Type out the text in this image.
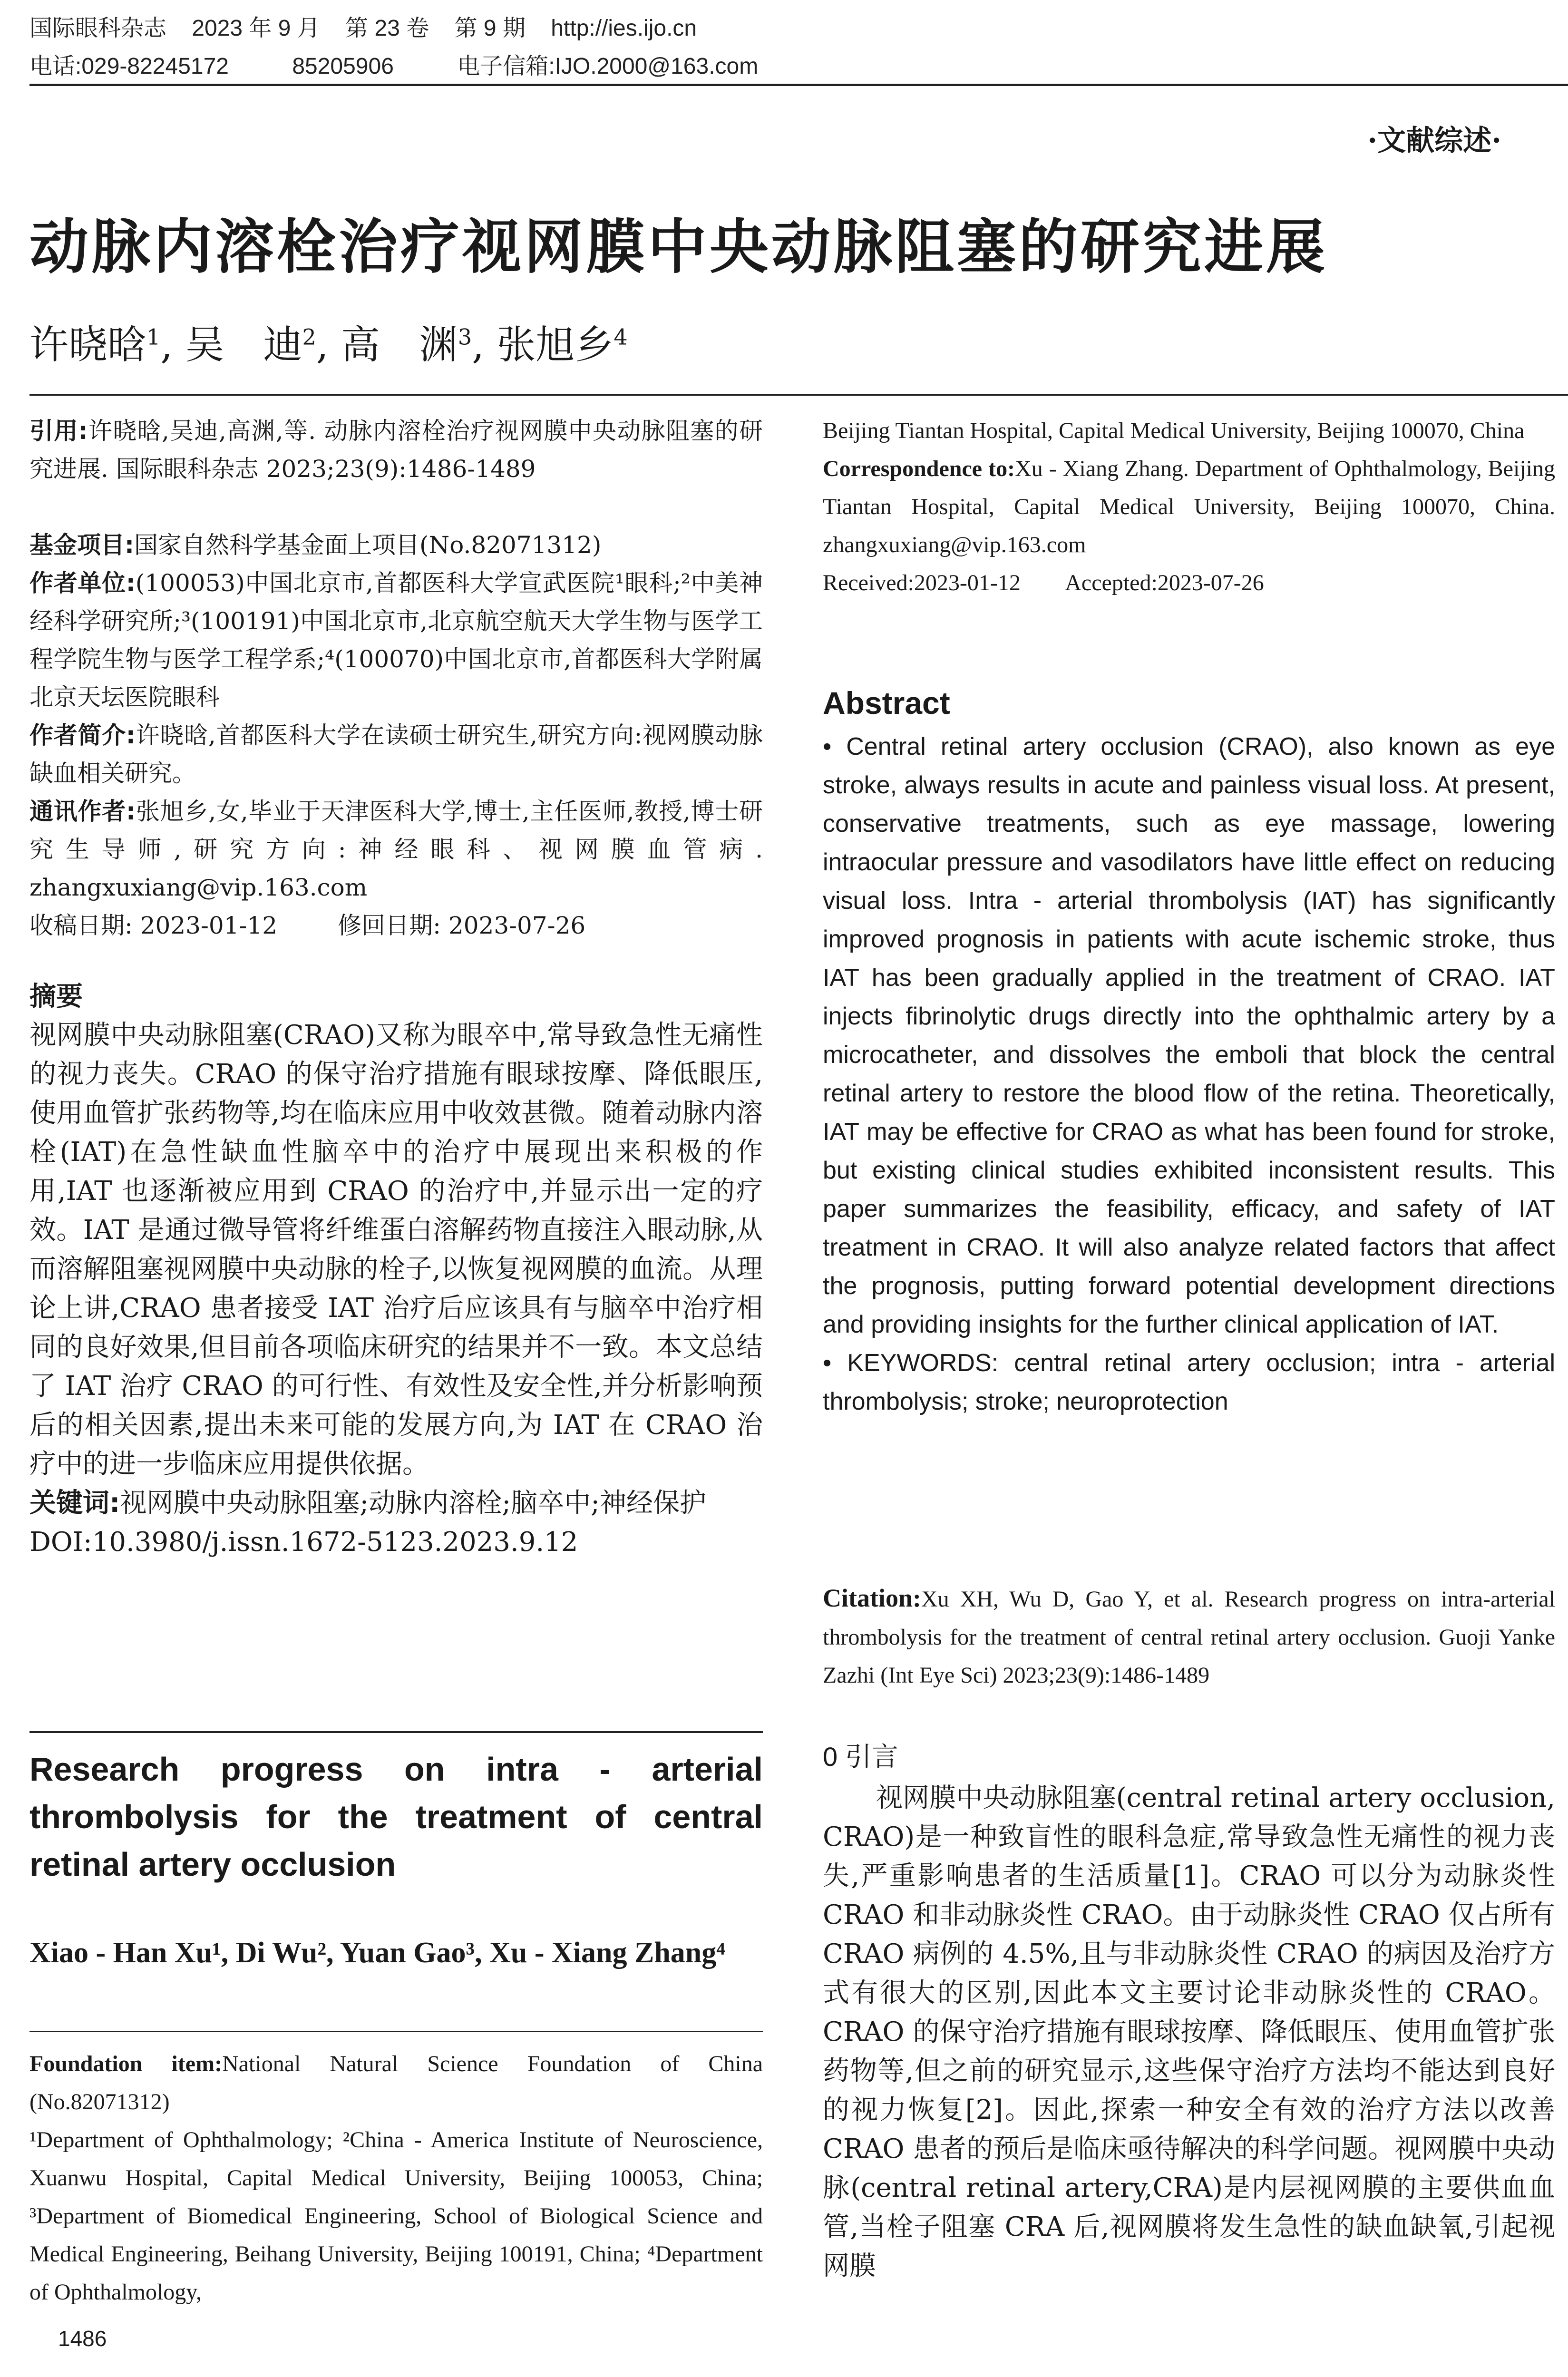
国际眼科杂志    2023 年 9 月    第 23 卷    第 9 期    http://ies.ijo.cn
电话:029-82245172          85205906          电子信箱:IJO.2000@163.com
·文献综述·
动脉内溶栓治疗视网膜中央动脉阻塞的研究进展
许晓晗$^1$, 吴　迪$^2$, 高　渊$^3$, 张旭乡$^4$

引用:许晓晗,吴迪,高渊,等. 动脉内溶栓治疗视网膜中央动脉阻塞的研究进展. 国际眼科杂志 2023;23(9):1486-1489

基金项目:国家自然科学基金面上项目(No.82071312)

作者单位:(100053)中国北京市,首都医科大学宣武医院¹眼科;²中美神经科学研究所;³(100191)中国北京市,北京航空航天大学生物与医学工程学院生物与医学工程学系;⁴(100070)中国北京市,首都医科大学附属北京天坛医院眼科

作者简介:许晓晗,首都医科大学在读硕士研究生,研究方向:视网膜动脉缺血相关研究。

通讯作者:张旭乡,女,毕业于天津医科大学,博士,主任医师,教授,博士研究生导师,研究方向:神经眼科、视网膜血管病. zhangxuxiang@vip.163.com

收稿日期: 2023-01-12        修回日期: 2023-07-26

摘要

视网膜中央动脉阻塞(CRAO)又称为眼卒中,常导致急性无痛性的视力丧失。CRAO 的保守治疗措施有眼球按摩、降低眼压,使用血管扩张药物等,均在临床应用中收效甚微。随着动脉内溶栓(IAT)在急性缺血性脑卒中的治疗中展现出来积极的作用,IAT 也逐渐被应用到 CRAO 的治疗中,并显示出一定的疗效。IAT 是通过微导管将纤维蛋白溶解药物直接注入眼动脉,从而溶解阻塞视网膜中央动脉的栓子,以恢复视网膜的血流。从理论上讲,CRAO 患者接受 IAT 治疗后应该具有与脑卒中治疗相同的良好效果,但目前各项临床研究的结果并不一致。本文总结了 IAT 治疗 CRAO 的可行性、有效性及安全性,并分析影响预后的相关因素,提出未来可能的发展方向,为 IAT 在 CRAO 治疗中的进一步临床应用提供依据。

关键词:视网膜中央动脉阻塞;动脉内溶栓;脑卒中;神经保护

DOI:10.3980/j.issn.1672-5123.2023.9.12

Research progress on intra - arterial thrombolysis for the treatment of central retinal artery occlusion
Xiao - Han Xu¹, Di Wu², Yuan Gao³, Xu - Xiang Zhang⁴

Foundation item:National Natural Science Foundation of China (No.82071312)

¹Department of Ophthalmology; ²China - America Institute of Neuroscience, Xuanwu Hospital, Capital Medical University, Beijing 100053, China; ³Department of Biomedical Engineering, School of Biological Science and Medical Engineering, Beihang University, Beijing 100191, China; ⁴Department of Ophthalmology,

Beijing Tiantan Hospital, Capital Medical University, Beijing 100070, China

Correspondence to:Xu - Xiang Zhang. Department of Ophthalmology, Beijing Tiantan Hospital, Capital Medical University, Beijing 100070, China. zhangxuxiang@vip.163.com

Received:2023-01-12        Accepted:2023-07-26

Abstract

• Central retinal artery occlusion (CRAO), also known as eye stroke, always results in acute and painless visual loss. At present, conservative treatments, such as eye massage, lowering intraocular pressure and vasodilators have little effect on reducing visual loss. Intra - arterial thrombolysis (IAT) has significantly improved prognosis in patients with acute ischemic stroke, thus IAT has been gradually applied in the treatment of CRAO. IAT injects fibrinolytic drugs directly into the ophthalmic artery by a microcatheter, and dissolves the emboli that block the central retinal artery to restore the blood flow of the retina. Theoretically, IAT may be effective for CRAO as what has been found for stroke, but existing clinical studies exhibited inconsistent results. This paper summarizes the feasibility, efficacy, and safety of IAT treatment in CRAO. It will also analyze related factors that affect the prognosis, putting forward potential development directions and providing insights for the further clinical application of IAT.

• KEYWORDS: central retinal artery occlusion; intra - arterial thrombolysis; stroke; neuroprotection

Citation:Xu XH, Wu D, Gao Y, et al. Research progress on intra-arterial thrombolysis for the treatment of central retinal artery occlusion. Guoji Yanke Zazhi (Int Eye Sci) 2023;23(9):1486-1489

0 引言
视网膜中央动脉阻塞(central retinal artery occlusion, CRAO)是一种致盲性的眼科急症,常导致急性无痛性的视力丧失,严重影响患者的生活质量[1]。CRAO 可以分为动脉炎性 CRAO 和非动脉炎性 CRAO。由于动脉炎性 CRAO 仅占所有 CRAO 病例的 4.5%,且与非动脉炎性 CRAO 的病因及治疗方式有很大的区别,因此本文主要讨论非动脉炎性的 CRAO。CRAO 的保守治疗措施有眼球按摩、降低眼压、使用血管扩张药物等,但之前的研究显示,这些保守治疗方法均不能达到良好的视力恢复[2]。因此,探索一种安全有效的治疗方法以改善 CRAO 患者的预后是临床亟待解决的科学问题。视网膜中央动脉(central retinal artery,CRA)是内层视网膜的主要供血血管,当栓子阻塞 CRA 后,视网膜将发生急性的缺血缺氧,引起视网膜
1486
